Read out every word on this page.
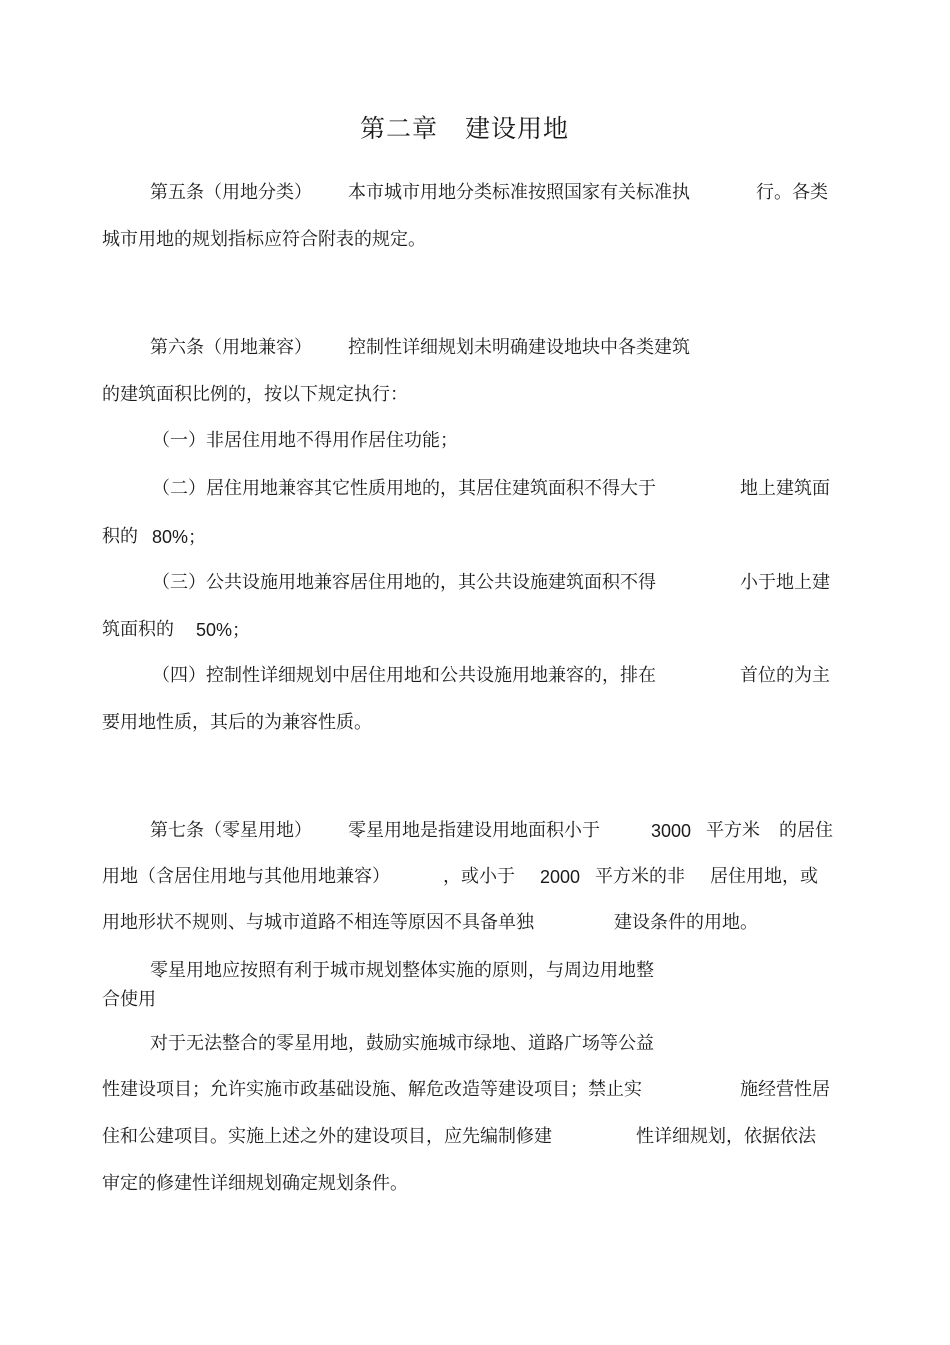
第二章 建设用地
第五条（用地分类） 本市城市用地分类标准按照国家有关标准执	行。各类
城市用地的规划指标应符合附表的规定。
第六条（用地兼容） 控制性详细规划未明确建设地块中各类建筑
的建筑面积比例的，按以下规定执行：
（一）非居住用地不得用作居住功能；
（二）居住用地兼容其它性质用地的，其居住建筑面积不得大于	地上建筑面
积的 80%；
（三）公共设施用地兼容居住用地的，其公共设施建筑面积不得	小于地上建
筑面积的 50%；
（四）控制性详细规划中居住用地和公共设施用地兼容的，排在	首位的为主
要用地性质，其后的为兼容性质。
第七条（零星用地） 零星用地是指建设用地面积小于	3000 平方米 的居住
用地（含居住用地与其他用地兼容）	，或小于 2000 平方米的非 居住用地，或
用地形状不规则、与城市道路不相连等原因不具备单独	建设条件的用地。
零星用地应按照有利于城市规划整体实施的原则，与周边用地整
合使用
对于无法整合的零星用地，鼓励实施城市绿地、道路广场等公益
性建设项目；允许实施市政基础设施、解危改造等建设项目；禁止实	施经营性居
住和公建项目。实施上述之外的建设项目，应先编制修建	性详细规划，依据依法
审定的修建性详细规划确定规划条件。
